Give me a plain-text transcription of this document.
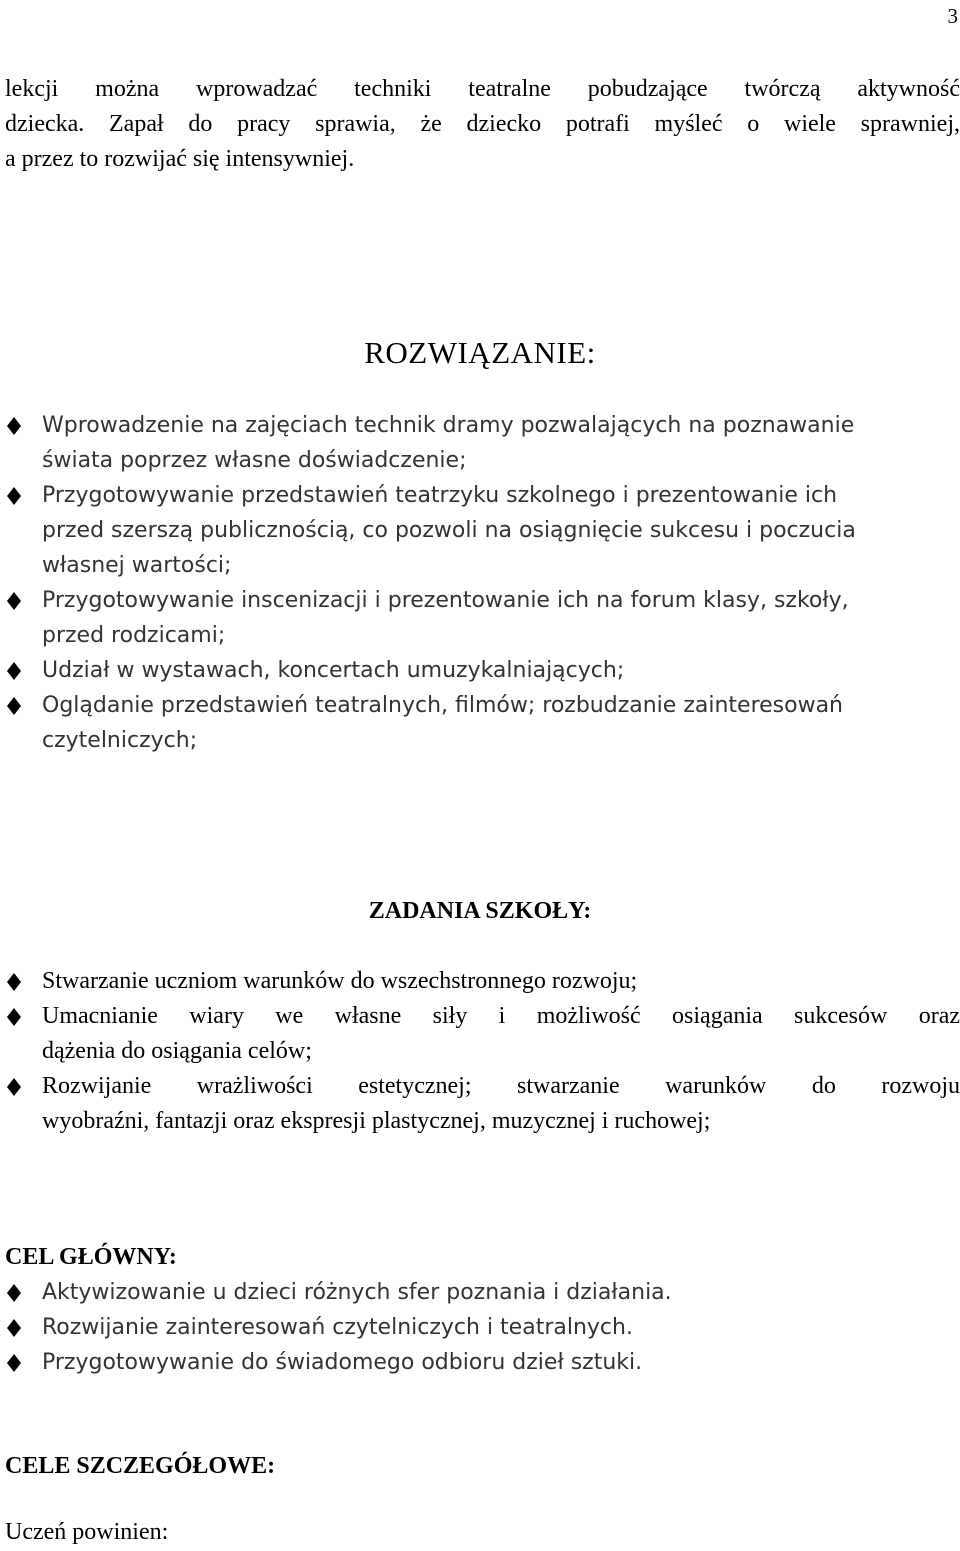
3
lekcji można wprowadzać techniki teatralne pobudzające twórczą aktywność
dziecka. Zapał do pracy sprawia, że dziecko potrafi myśleć o wiele sprawniej,
a przez to rozwijać się intensywniej.
ROZWIĄZANIE:
Wprowadzenie na zajęciach technik dramy pozwalających na poznawanie
świata poprzez własne doświadczenie;
Przygotowywanie przedstawień teatrzyku szkolnego i prezentowanie ich
przed szerszą publicznością, co pozwoli na osiągnięcie sukcesu i poczucia
własnej wartości;
Przygotowywanie inscenizacji i prezentowanie ich na forum klasy, szkoły,
przed rodzicami;
Udział w wystawach, koncertach umuzykalniających;
Oglądanie przedstawień teatralnych, filmów; rozbudzanie zainteresowań
czytelniczych;
ZADANIA SZKOŁY:
Stwarzanie uczniom warunków do wszechstronnego rozwoju;
Umacnianie wiary we własne siły i możliwość osiągania sukcesów oraz
dążenia do osiągania celów;
Rozwijanie wrażliwości estetycznej; stwarzanie warunków do rozwoju
wyobraźni, fantazji oraz ekspresji plastycznej, muzycznej i ruchowej;
CEL GŁÓWNY:
Aktywizowanie u dzieci różnych sfer poznania i działania.
Rozwijanie zainteresowań czytelniczych i teatralnych.
Przygotowywanie do świadomego odbioru dzieł sztuki.
CELE SZCZEGÓŁOWE:
Uczeń powinien:
